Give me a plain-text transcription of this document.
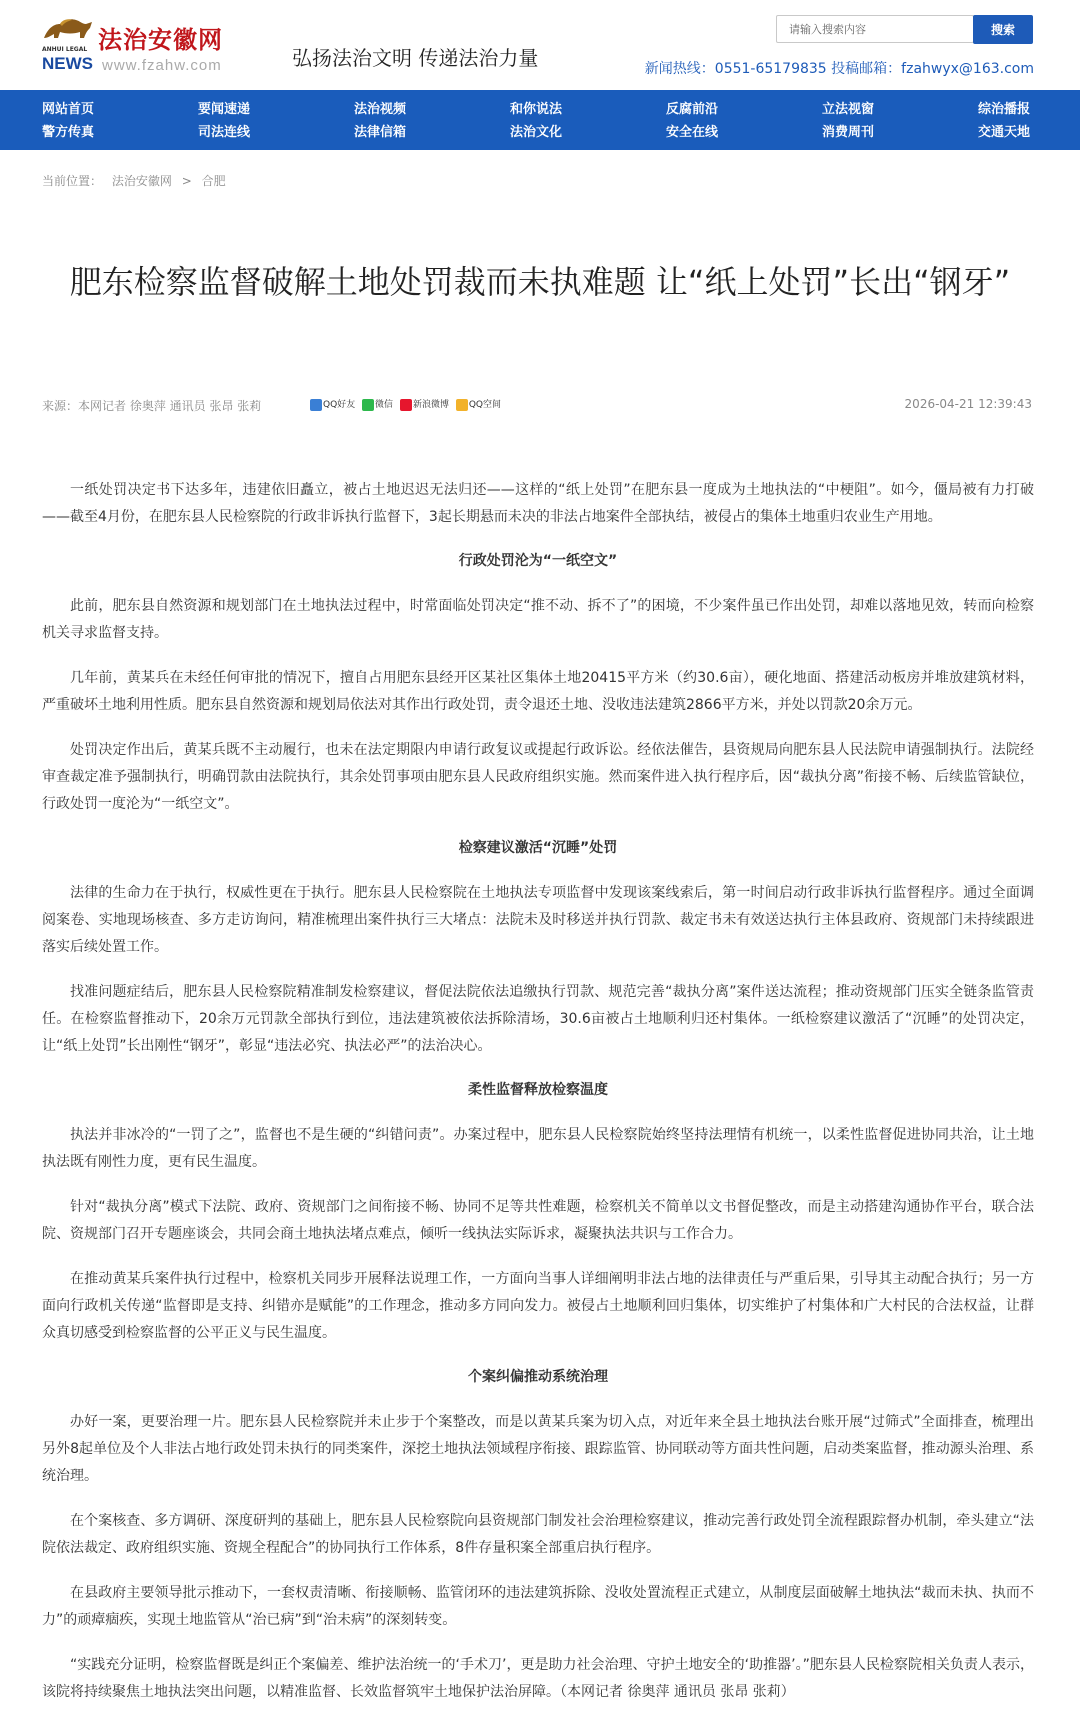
法治安徽网
ANHUI LEGAL
NEWS www.fzahw.com	弘扬法治文明 传递法治力量
请输入搜索内容
搜索
新闻热线：0551-65179835 投稿邮箱：fzahwyx@163.com
网站首页
警方传真
要闻速递
司法连线
法治视频
法律信箱
和你说法
法治文化
反腐前沿
安全在线
立法视窗
消费周刊
综治播报
交通天地
当前位置： 法治安徽网 > 合肥
肥东检察监督破解土地处罚裁而未执难题 让“纸上处罚”长出“钢牙”
来源：本网记者 徐奥萍 通讯员 张昂 张莉	QQ好友 微信 新浪微博 QQ空间	2026-04-21 12:39:43

一纸处罚决定书下达多年，违建依旧矗立，被占土地迟迟无法归还——这样的“纸上处罚”在肥东县一度成为土地执法的“中梗阻”。如今，僵局被有力打破——截至4月份，在肥东县人民检察院的行政非诉执行监督下，3起长期悬而未决的非法占地案件全部执结，被侵占的集体土地重归农业生产用地。

行政处罚沦为“一纸空文”

此前，肥东县自然资源和规划部门在土地执法过程中，时常面临处罚决定“推不动、拆不了”的困境，不少案件虽已作出处罚，却难以落地见效，转而向检察机关寻求监督支持。

几年前，黄某兵在未经任何审批的情况下，擅自占用肥东县经开区某社区集体土地20415平方米（约30.6亩），硬化地面、搭建活动板房并堆放建筑材料，严重破坏土地利用性质。肥东县自然资源和规划局依法对其作出行政处罚，责令退还土地、没收违法建筑2866平方米，并处以罚款20余万元。

处罚决定作出后，黄某兵既不主动履行，也未在法定期限内申请行政复议或提起行政诉讼。经依法催告，县资规局向肥东县人民法院申请强制执行。法院经审查裁定准予强制执行，明确罚款由法院执行，其余处罚事项由肥东县人民政府组织实施。然而案件进入执行程序后，因“裁执分离”衔接不畅、后续监管缺位，行政处罚一度沦为“一纸空文”。

检察建议激活“沉睡”处罚

法律的生命力在于执行，权威性更在于执行。肥东县人民检察院在土地执法专项监督中发现该案线索后，第一时间启动行政非诉执行监督程序。通过全面调阅案卷、实地现场核查、多方走访询问，精准梳理出案件执行三大堵点：法院未及时移送并执行罚款、裁定书未有效送达执行主体县政府、资规部门未持续跟进落实后续处置工作。

找准问题症结后，肥东县人民检察院精准制发检察建议，督促法院依法追缴执行罚款、规范完善“裁执分离”案件送达流程；推动资规部门压实全链条监管责任。在检察监督推动下，20余万元罚款全部执行到位，违法建筑被依法拆除清场，30.6亩被占土地顺利归还村集体。一纸检察建议激活了“沉睡”的处罚决定，让“纸上处罚”长出刚性“钢牙”，彰显“违法必究、执法必严”的法治决心。

柔性监督释放检察温度

执法并非冰冷的“一罚了之”，监督也不是生硬的“纠错问责”。办案过程中，肥东县人民检察院始终坚持法理情有机统一，以柔性监督促进协同共治，让土地执法既有刚性力度，更有民生温度。

针对“裁执分离”模式下法院、政府、资规部门之间衔接不畅、协同不足等共性难题，检察机关不简单以文书督促整改，而是主动搭建沟通协作平台，联合法院、资规部门召开专题座谈会，共同会商土地执法堵点难点，倾听一线执法实际诉求，凝聚执法共识与工作合力。

在推动黄某兵案件执行过程中，检察机关同步开展释法说理工作，一方面向当事人详细阐明非法占地的法律责任与严重后果，引导其主动配合执行；另一方面向行政机关传递“监督即是支持、纠错亦是赋能”的工作理念，推动多方同向发力。被侵占土地顺利回归集体，切实维护了村集体和广大村民的合法权益，让群众真切感受到检察监督的公平正义与民生温度。

个案纠偏推动系统治理

办好一案，更要治理一片。肥东县人民检察院并未止步于个案整改，而是以黄某兵案为切入点，对近年来全县土地执法台账开展“过筛式”全面排查，梳理出另外8起单位及个人非法占地行政处罚未执行的同类案件，深挖土地执法领域程序衔接、跟踪监管、协同联动等方面共性问题，启动类案监督，推动源头治理、系统治理。

在个案核查、多方调研、深度研判的基础上，肥东县人民检察院向县资规部门制发社会治理检察建议，推动完善行政处罚全流程跟踪督办机制，牵头建立“法院依法裁定、政府组织实施、资规全程配合”的协同执行工作体系，8件存量积案全部重启执行程序。

在县政府主要领导批示推动下，一套权责清晰、衔接顺畅、监管闭环的违法建筑拆除、没收处置流程正式建立，从制度层面破解土地执法“裁而未执、执而不力”的顽瘴痼疾，实现土地监管从“治已病”到“治未病”的深刻转变。

“实践充分证明，检察监督既是纠正个案偏差、维护法治统一的‘手术刀’，更是助力社会治理、守护土地安全的‘助推器’。”肥东县人民检察院相关负责人表示，该院将持续聚焦土地执法突出问题，以精准监督、长效监督筑牢土地保护法治屏障。（本网记者 徐奥萍 通讯员 张昂 张莉）
